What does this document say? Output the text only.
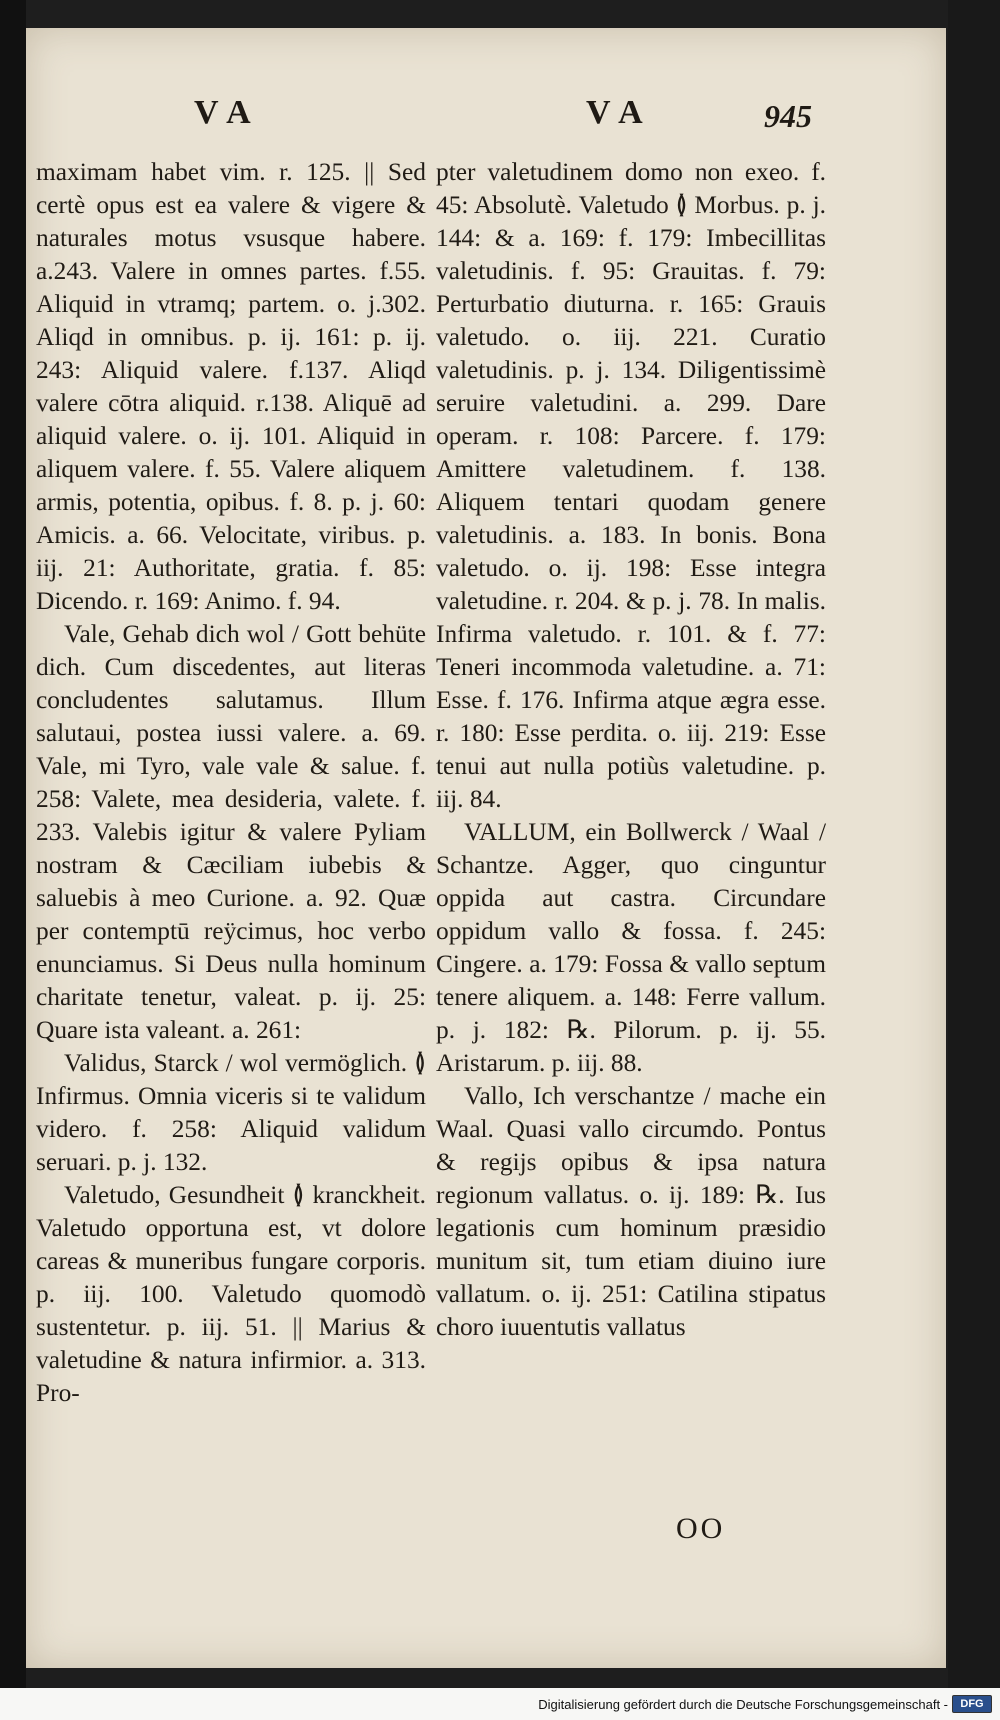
VA	VA	945

maximam habet vim. r. 125. || Sed certè opus est ea valere & vigere & naturales motus vsusque habere. a.243. Valere in omnes partes. f.55. Aliquid in vtramq; partem. o. j.302. Aliqd in omnibus. p. ij. 161: p. ij. 243: Aliquid valere. f.137. Aliqd valere cōtra aliquid. r.138. Aliquē ad aliquid valere. o. ij. 101. Aliquid in aliquem valere. f. 55. Valere aliquem armis, potentia, opibus. f. 8. p. j. 60: Amicis. a. 66. Velocitate, viribus. p. iij. 21: Authoritate, gratia. f. 85: Dicendo. r. 169: Animo. f. 94.

Vale, Gehab dich wol / Gott behüte dich. Cum discedentes, aut literas concludentes salutamus. Illum salutaui, postea iussi valere. a. 69. Vale, mi Tyro, vale vale & salue. f. 258: Valete, mea desideria, valete. f. 233. Valebis igitur & valere Pyliam nostram & Cæciliam iubebis & saluebis à meo Curione. a. 92. Quæ per contemptū reÿcimus, hoc verbo enunciamus. Si Deus nulla hominum charitate tenetur, valeat. p. ij. 25: Quare ista valeant. a. 261:

Validus, Starck / wol vermöglich. ≬ Infirmus. Omnia viceris si te validum videro. f. 258: Aliquid validum seruari. p. j. 132.

Valetudo, Gesundheit ≬ kranckheit. Valetudo opportuna est, vt dolore careas & muneribus fungare corporis. p. iij. 100. Valetudo quomodò sustentetur. p. iij. 51. || Marius & valetudine & natura infirmior. a. 313. Pro-

pter valetudinem domo non exeo. f. 45: Absolutè. Valetudo ≬ Morbus. p. j. 144: & a. 169: f. 179: Imbecillitas valetudinis. f. 95: Grauitas. f. 79: Perturbatio diuturna. r. 165: Grauis valetudo. o. iij. 221. Curatio valetudinis. p. j. 134. Diligentissimè seruire valetudini. a. 299. Dare operam. r. 108: Parcere. f. 179: Amittere valetudinem. f. 138. Aliquem tentari quodam genere valetudinis. a. 183. In bonis. Bona valetudo. o. ij. 198: Esse integra valetudine. r. 204. & p. j. 78. In malis. Infirma valetudo. r. 101. & f. 77: Teneri incommoda valetudine. a. 71: Esse. f. 176. Infirma atque ægra esse. r. 180: Esse perdita. o. iij. 219: Esse tenui aut nulla potiùs valetudine. p. iij. 84.

VALLUM, ein Bollwerck / Waal / Schantze. Agger, quo cinguntur oppida aut castra. Circundare oppidum vallo & fossa. f. 245: Cingere. a. 179: Fossa & vallo septum tenere aliquem. a. 148: Ferre vallum. p. j. 182: ℞. Pilorum. p. ij. 55. Aristarum. p. iij. 88.

Vallo, Ich verschantze / mache ein Waal. Quasi vallo circumdo. Pontus & regijs opibus & ipsa natura regionum vallatus. o. ij. 189: ℞. Ius legationis cum hominum præsidio munitum sit, tum etiam diuino iure vallatum. o. ij. 251: Catilina stipatus choro iuuentutis vallatus

OO
Digitalisierung gefördert durch die Deutsche Forschungsgemeinschaft -	DFG
